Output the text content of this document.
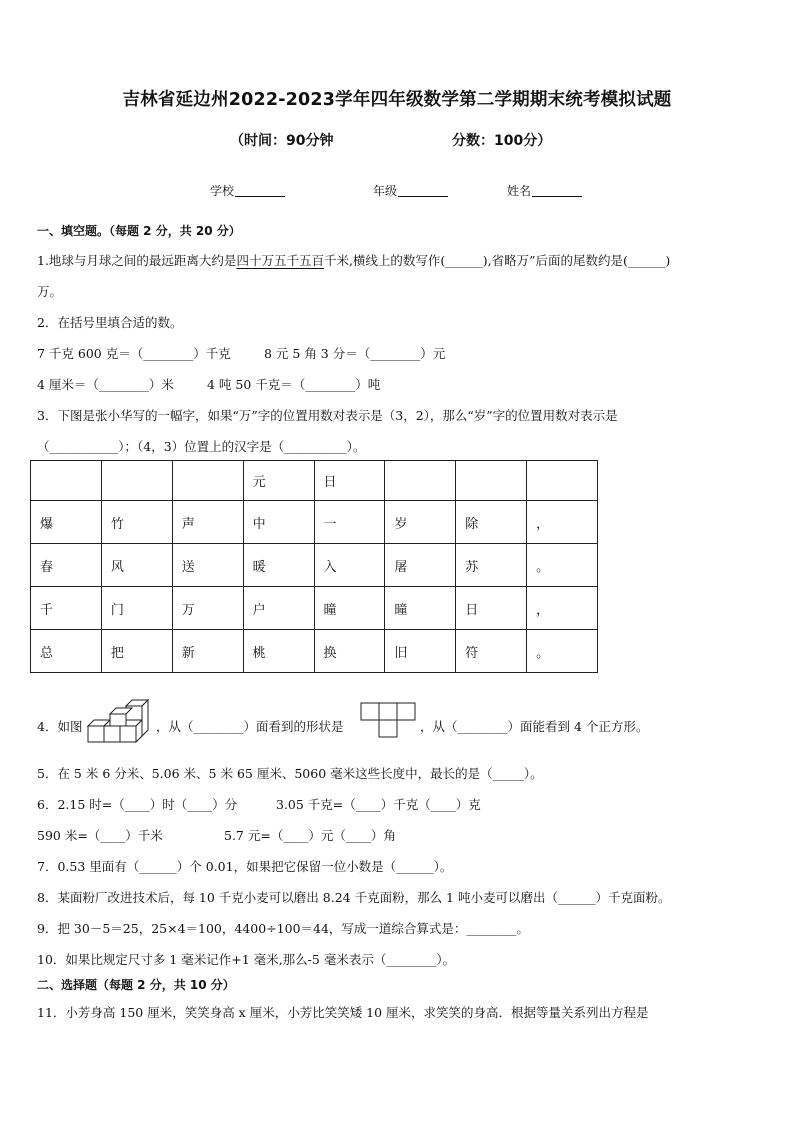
吉林省延边州2022-2023学年四年级数学第二学期期末统考模拟试题
（时间：90分钟	分数：100分）
学校	年级	姓名
一、填空题。（每题 2 分，共 20 分）
1.地球与月球之间的最远距离大约是四十万五千五百千米,横线上的数写作(______),省略万”后面的尾数约是(______)
万。
2．在括号里填合适的数。
7 千克 600 克＝（________）千克	8 元 5 角 3 分＝（________）元
4 厘米＝（________）米	4 吨 50 千克＝（________）吨
3．下图是张小华写的一幅字，如果“万”字的位置用数对表示是（3，2），那么“岁”字的位置用数对表示是
（___________）；（4，3）位置上的汉字是（__________）。
			元	日			
爆	竹	声	中	一	岁	除	，
春	风	送	暖	入	屠	苏	。
千	门	万	户	曈	曈	日	，
总	把	新	桃	换	旧	符	。
4．如图	，从（________）面看到的形状是	，从（________）面能看到 4 个正方形。
5．在 5 米 6 分米、5.06 米、5 米 65 厘米、5060 毫米这些长度中，最长的是（_____）。
6．2.15 时=（____）时（____）分	3.05 千克=（____）千克（____）克
590 米=（____）千米	5.7 元=（____）元（____）角
7．0.53 里面有（______）个 0.01，如果把它保留一位小数是（______）。
8．某面粉厂改进技术后，每 10 千克小麦可以磨出 8.24 千克面粉，那么 1 吨小麦可以磨出（______）千克面粉。
9．把 30－5＝25，25×4＝100，4400÷100＝44，写成一道综合算式是：________。
10．如果比规定尺寸多 1 毫米记作+1 毫米,那么-5 毫米表示（________）。
二、选择题（每题 2 分，共 10 分）
11．小芳身高 150 厘米，笑笑身高 x 厘米，小芳比笑笑矮 10 厘米，求笑笑的身高．根据等量关系列出方程是
